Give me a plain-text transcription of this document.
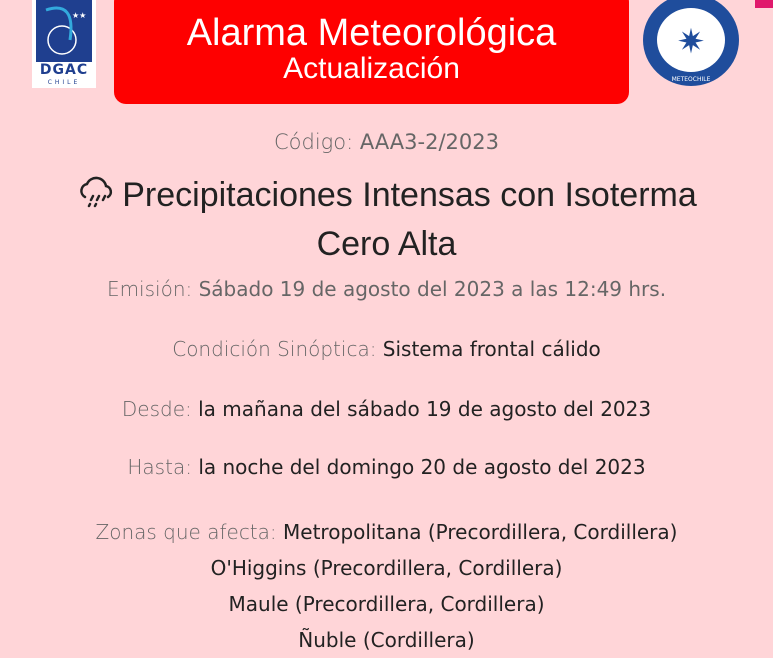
★★
DGAC
CHILE
Alarma Meteorológica
Actualización
✷
METEOCHILE
Código: AAA3-2/2023
Precipitaciones Intensas con Isoterma
Cero Alta
Emisión: Sábado 19 de agosto del 2023 a las 12:49 hrs.
Condición Sinóptica: Sistema frontal cálido
Desde: la mañana del sábado 19 de agosto del 2023
Hasta: la noche del domingo 20 de agosto del 2023
Zonas que afecta: Metropolitana (Precordillera, Cordillera)
O'Higgins (Precordillera, Cordillera)
Maule (Precordillera, Cordillera)
Ñuble (Cordillera)
